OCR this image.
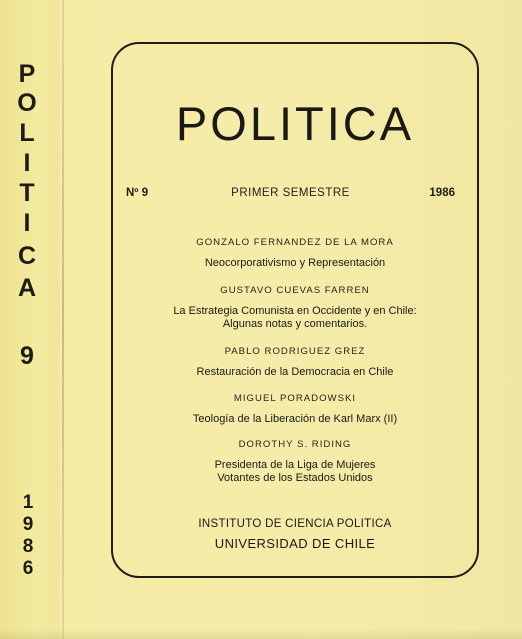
P
O
L
I
T
I
C
A
9
1
9
8
6
POLITICA
Nº 9	PRIMER SEMESTRE	1986
GONZALO FERNANDEZ DE LA MORA
Neocorporativismo y Representación
GUSTAVO CUEVAS FARREN
La Estrategia Comunista en Occidente y en Chile:
Algunas notas y comentarios.
PABLO RODRIGUEZ GREZ
Restauración de la Democracia en Chile
MIGUEL PORADOWSKI
Teología de la Liberación de Karl Marx (II)
DOROTHY S. RIDING
Presidenta de la Liga de Mujeres
Votantes de los Estados Unidos
INSTITUTO DE CIENCIA POLITICA
UNIVERSIDAD DE CHILE
